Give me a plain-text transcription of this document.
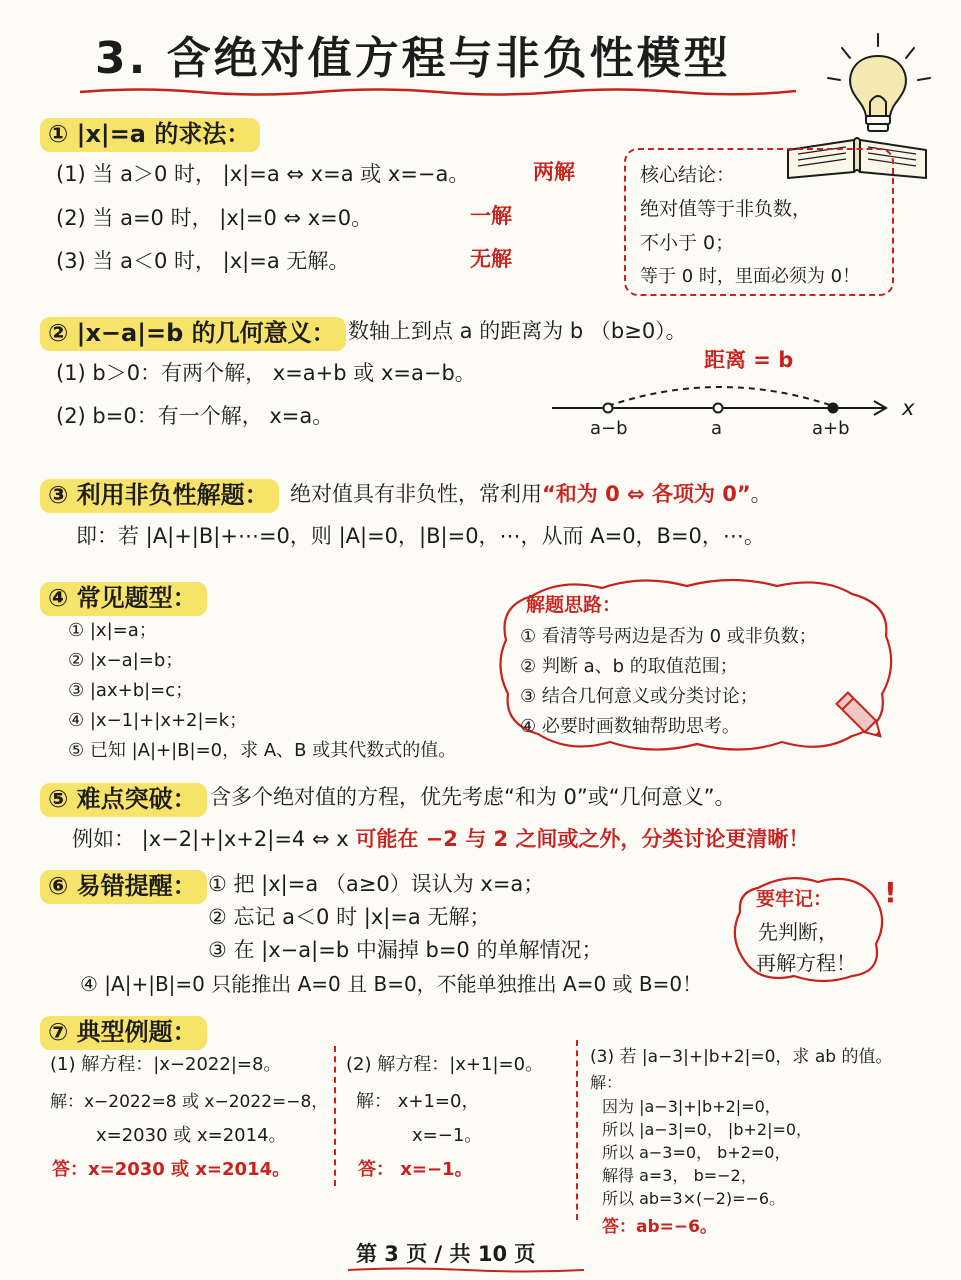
3. 含绝对值方程与非负性模型
① |x|=a 的求法：
(1) 当 a＞0 时， |x|=a ⇔ x=a 或 x=−a。	两解
(2) 当 a=0 时， |x|=0 ⇔ x=0。	一解
(3) 当 a＜0 时， |x|=a 无解。	无解
核心结论：
绝对值等于非负数，
不小于 0；
等于 0 时，里面必须为 0！
② |x−a|=b 的几何意义： 数轴上到点 a 的距离为 b （b≥0）。
(1) b＞0：有两个解， x=a+b 或 x=a−b。
(2) b=0：有一个解， x=a。
距离 = b
x
a−b	a	a+b
③ 利用非负性解题：	绝对值具有非负性，常利用“和为 0 ⇔ 各项为 0”。
即：若 |A|+|B|+⋯=0，则 |A|=0，|B|=0，⋯，从而 A=0，B=0，⋯。
④ 常见题型：
① |x|=a；
② |x−a|=b；
③ |ax+b|=c；
④ |x−1|+|x+2|=k；
⑤ 已知 |A|+|B|=0，求 A、B 或其代数式的值。
解题思路：
① 看清等号两边是否为 0 或非负数；
② 判断 a、b 的取值范围；
③ 结合几何意义或分类讨论；
④ 必要时画数轴帮助思考。
⑤ 难点突破： 含多个绝对值的方程，优先考虑“和为 0”或“几何意义”。
例如： |x−2|+|x+2|=4 ⇔ x 可能在 −2 与 2 之间或之外，分类讨论更清晰！
⑥ 易错提醒： ① 把 |x|=a （a≥0）误认为 x=a；
② 忘记 a＜0 时 |x|=a 无解；
③ 在 |x−a|=b 中漏掉 b=0 的单解情况；
④ |A|+|B|=0 只能推出 A=0 且 B=0，不能单独推出 A=0 或 B=0！
要牢记：
先判断，
再解方程！
!
⑦ 典型例题：
(1) 解方程：|x−2022|=8。
解：x−2022=8 或 x−2022=−8，
x=2030 或 x=2014。
答：x=2030 或 x=2014。
(2) 解方程：|x+1|=0。
解： x+1=0，
x=−1。
答： x=−1。
(3) 若 |a−3|+|b+2|=0，求 ab 的值。
解：
因为 |a−3|+|b+2|=0，
所以 |a−3|=0， |b+2|=0，
所以 a−3=0， b+2=0，
解得 a=3， b=−2，
所以 ab=3×(−2)=−6。
答：ab=−6。
第 3 页 / 共 10 页
